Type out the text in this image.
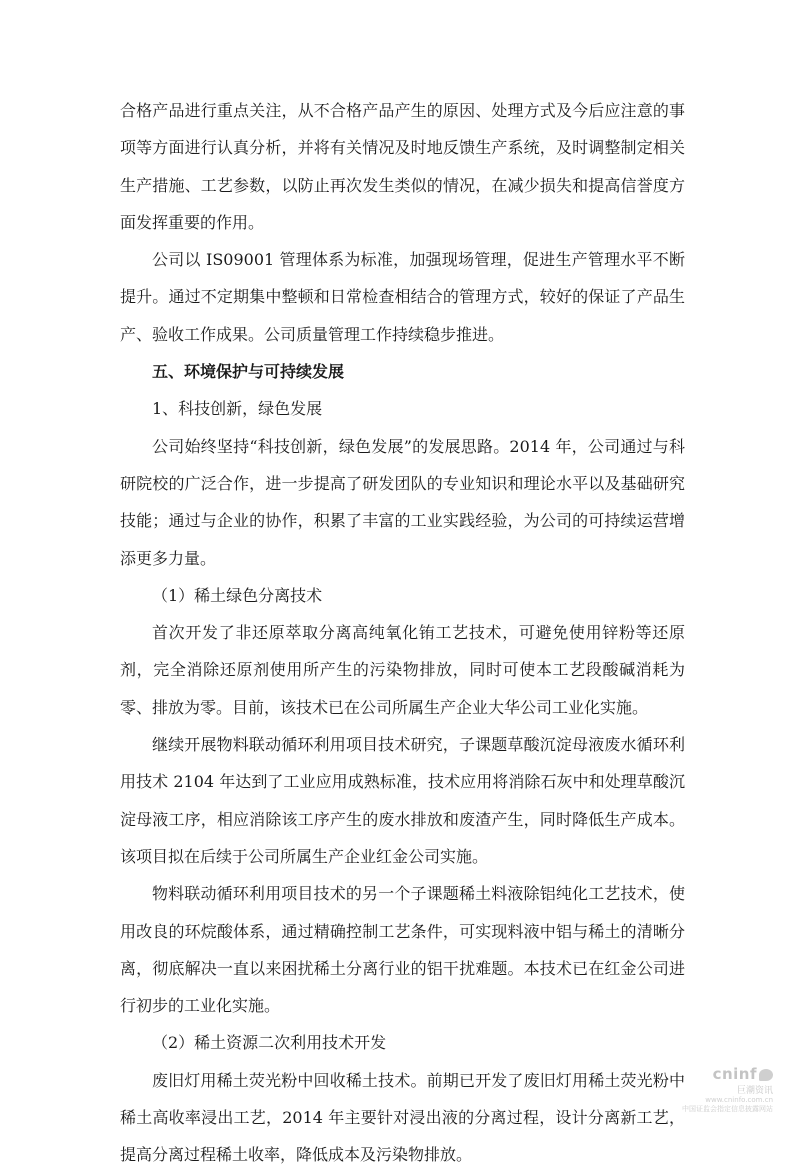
合格产品进行重点关注，从不合格产品产生的原因、处理方式及今后应注意的事项等方面进行认真分析，并将有关情况及时地反馈生产系统，及时调整制定相关生产措施、工艺参数，以防止再次发生类似的情况，在减少损失和提高信誉度方面发挥重要的作用。

公司以 IS09001 管理体系为标准，加强现场管理，促进生产管理水平不断提升。通过不定期集中整顿和日常检查相结合的管理方式，较好的保证了产品生产、验收工作成果。公司质量管理工作持续稳步推进。

五、环境保护与可持续发展

1、科技创新，绿色发展

公司始终坚持“科技创新，绿色发展”的发展思路。2014 年，公司通过与科研院校的广泛合作，进一步提高了研发团队的专业知识和理论水平以及基础研究技能；通过与企业的协作，积累了丰富的工业实践经验，为公司的可持续运营增添更多力量。

（1）稀土绿色分离技术

首次开发了非还原萃取分离高纯氧化铕工艺技术，可避免使用锌粉等还原剂，完全消除还原剂使用所产生的污染物排放，同时可使本工艺段酸碱消耗为零、排放为零。目前，该技术已在公司所属生产企业大华公司工业化实施。

继续开展物料联动循环利用项目技术研究，子课题草酸沉淀母液废水循环利用技术 2104 年达到了工业应用成熟标准，技术应用将消除石灰中和处理草酸沉淀母液工序，相应消除该工序产生的废水排放和废渣产生，同时降低生产成本。该项目拟在后续于公司所属生产企业红金公司实施。

物料联动循环利用项目技术的另一个子课题稀土料液除铝纯化工艺技术，使用改良的环烷酸体系，通过精确控制工艺条件，可实现料液中铝与稀土的清晰分离，彻底解决一直以来困扰稀土分离行业的铝干扰难题。本技术已在红金公司进行初步的工业化实施。

（2）稀土资源二次利用技术开发

废旧灯用稀土荧光粉中回收稀土技术。前期已开发了废旧灯用稀土荧光粉中稀土高收率浸出工艺，2014 年主要针对浸出液的分离过程，设计分离新工艺，提高分离过程稀土收率，降低成本及污染物排放。

cninf
巨潮资讯
www.cninfo.com.cn
中国证监会指定信息披露网站
